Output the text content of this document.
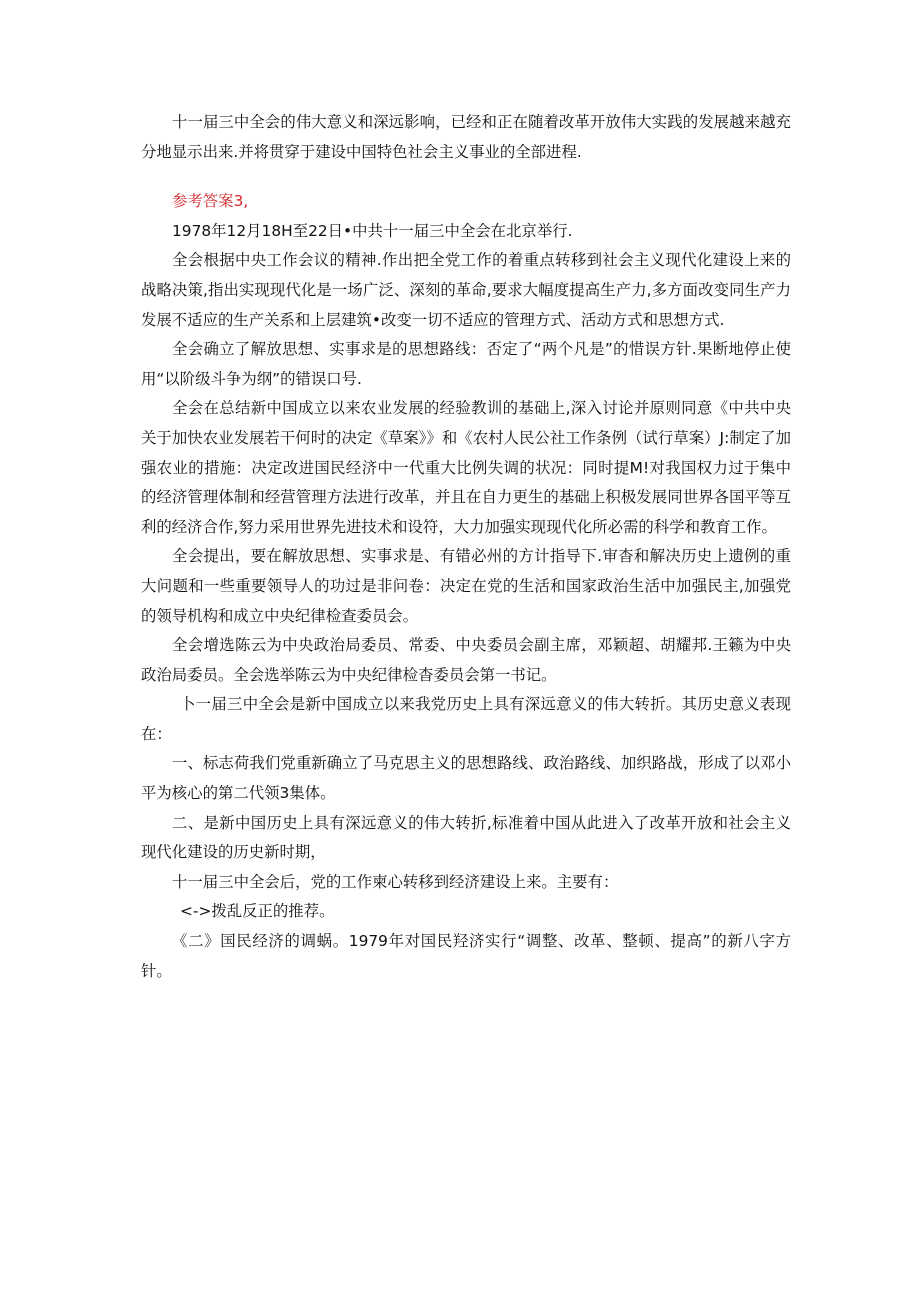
十一届三中全会的伟大意义和深远影响，已经和正在随着改革开放伟大实践的发展越来越充分地显示出来.并将贯穿于建设中国特色社会主义事业的全部进程.

参考答案3,

1978年12月18H至22日•中共十一届三中全会在北京举行.

全会根据中央工作会议的精神.作出把全党工作的着重点转移到社会主义现代化建设上来的战略决策,指出实现现代化是一场广泛、深刻的革命,要求大幅度提高生产力,多方面改变同生产力发展不适应的生产关系和上层建筑•改变一切不适应的管理方式、活动方式和思想方式.

全会确立了解放思想、实事求是的思想路线：否定了“两个凡是”的惜误方针.果断地停止使用“以阶级斗争为纲”的错误口号.

全会在总结新中国成立以来农业发展的经验教训的基础上,深入讨论并原则同意《中共中央关于加快农业发展若干何时的决定《草案》》和《农村人民公社工作条例（试行草案）J:制定了加强农业的措施：决定改进国民经济中一代重大比例失调的状况：同时提M!对我国权力过于集中的经济管理体制和经营管理方法进行改革，并且在自力更生的基础上积极发展同世界各国平等互利的经济合作,努力采用世界先进技术和设符，大力加强实现现代化所必需的科学和教育工作。

全会提出，要在解放思想、实事求是、有错必州的方计指导下.审杳和解决历史上遗例的重大问题和一些重要领导人的功过是非问卷：决定在党的生活和国家政治生活中加强民主,加强党的领导机构和成立中央纪律检查委员会。

全会增选陈云为中央政治局委员、常委、中央委员会副主席，邓颖超、胡耀邦.王籁为中央政治局委员。全会选举陈云为中央纪律检杳委员会第一书记。

卜一届三中全会是新中国成立以来我党历史上具有深远意义的伟大转折。其历史意义表现在：

一、标志荷我们党重新确立了马克思主义的思想路线、政治路线、加织路战，形成了以邓小平为核心的第二代领3集体。

二、是新中国历史上具有深远意义的伟大转折,标准着中国从此进入了改革开放和社会主义现代化建设的历史新时期，

十一届三中全会后，党的工作柬心转移到经济建设上来。主要有：

<->拨乱反正的推荐。

《二》国民经济的调蜗。1979年对国民羟济实行“调整、改革、整顿、提高”的新八字方针。
